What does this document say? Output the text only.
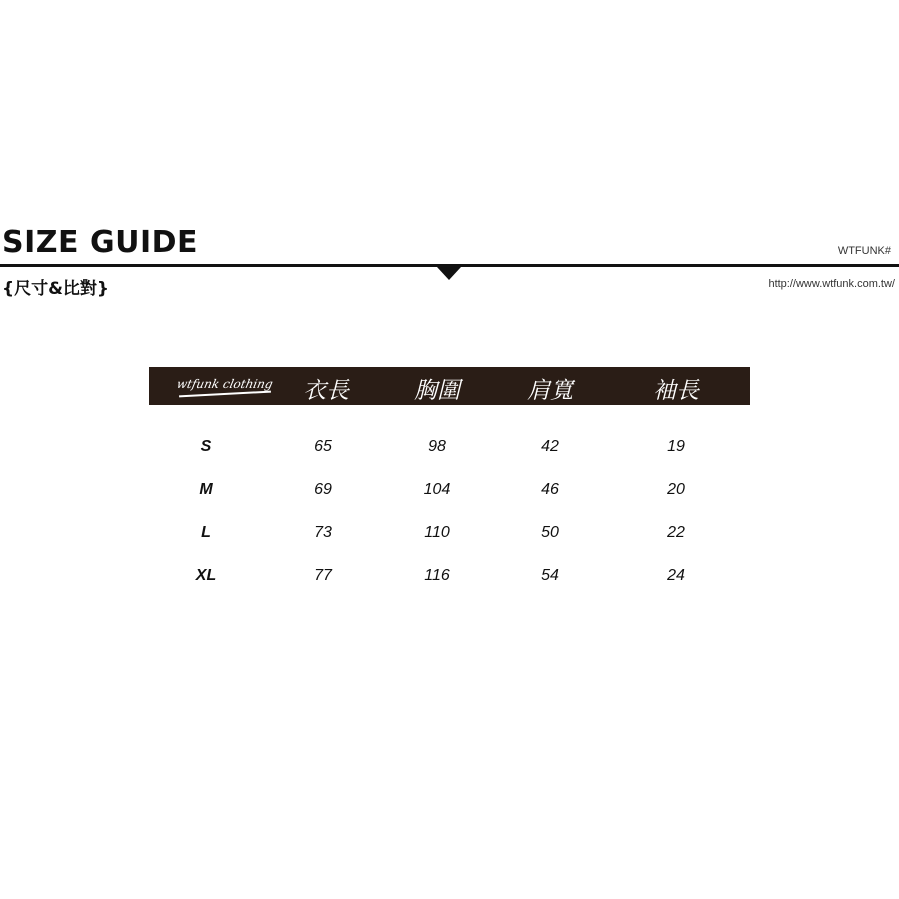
SIZE GUIDE	WTFUNK#
{尺寸&比對}	http://www.wtfunk.com.tw/
wtfunk clothing 衣長	胸圍	肩寬	袖長
S	65	98	42	19
M	69	104	46	20
L	73	110	50	22
XL	77	116	54	24
